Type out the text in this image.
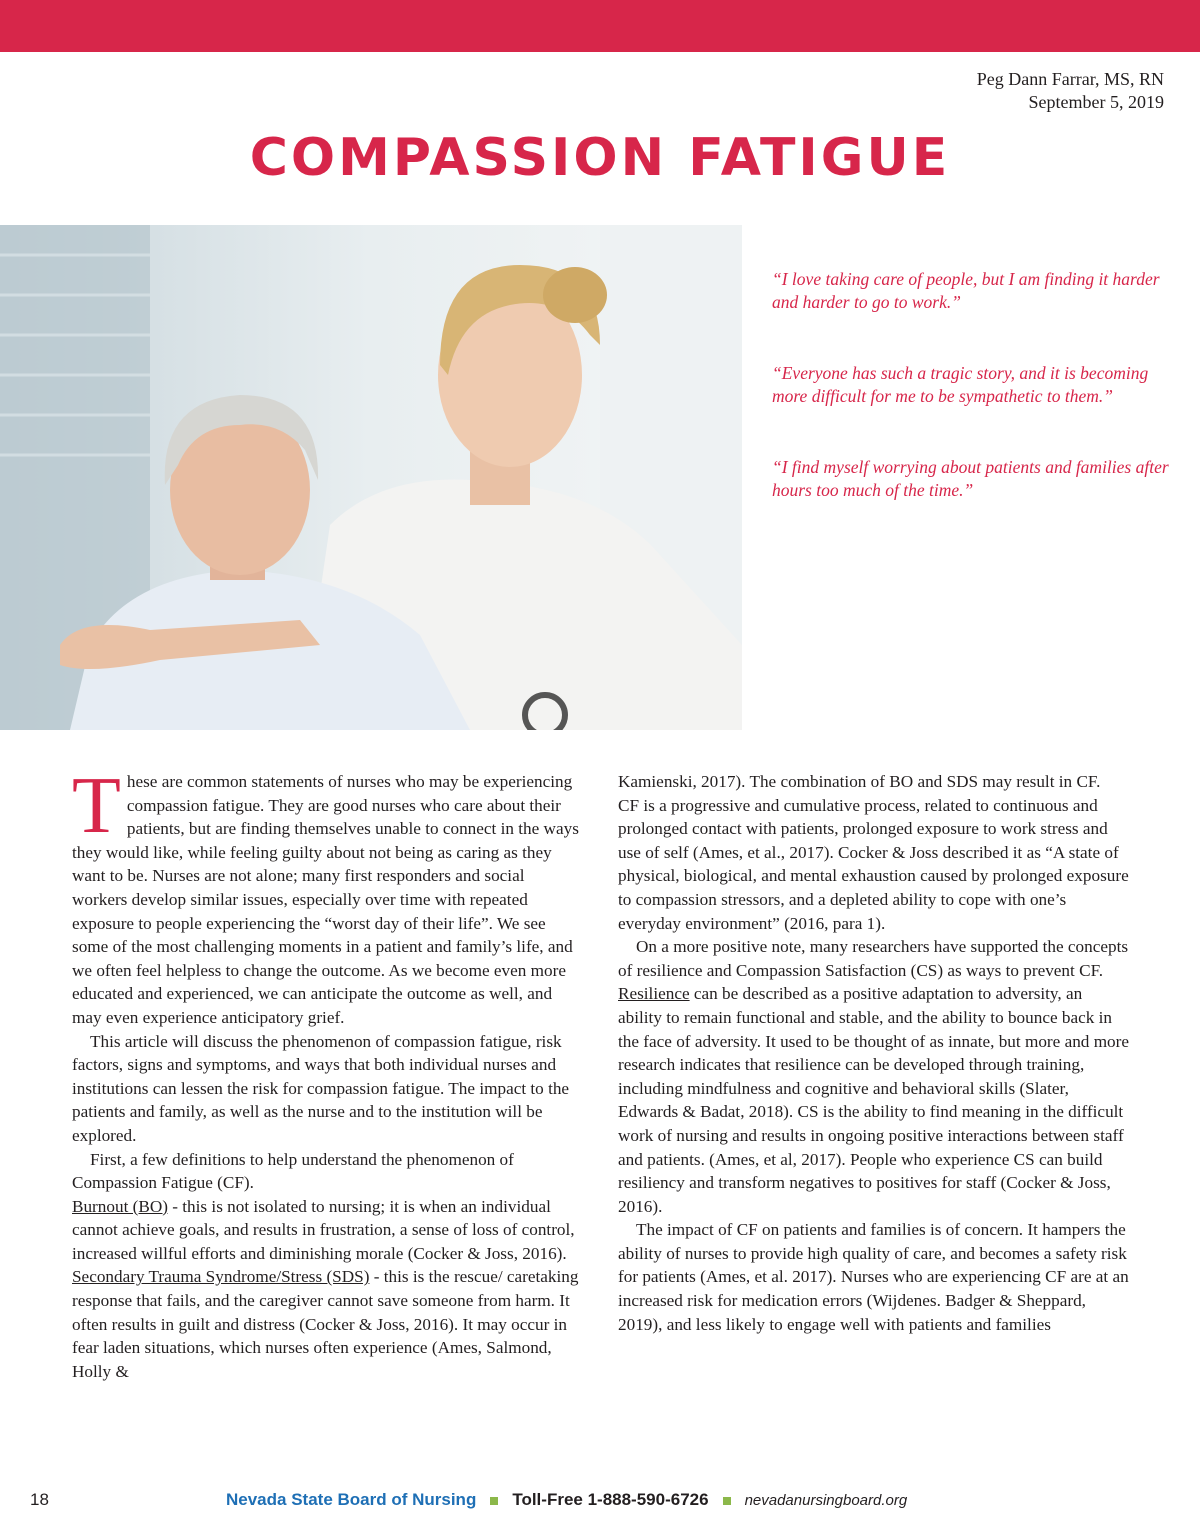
Peg Dann Farrar, MS, RN
September 5, 2019
COMPASSION FATIGUE

“I love taking care of people, but I am finding it harder and harder to go to work.”

“Everyone has such a tragic story, and it is becoming more difficult for me to be sympathetic to them.”

“I find myself worrying about patients and families after hours too much of the time.”

These are common statements of nurses who may be experiencing compassion fatigue. They are good nurses who care about their patients, but are finding themselves unable to connect in the ways they would like, while feeling guilty about not being as caring as they want to be. Nurses are not alone; many first responders and social workers develop similar issues, especially over time with repeated exposure to people experiencing the “worst day of their life”. We see some of the most challenging moments in a patient and family’s life, and we often feel helpless to change the outcome. As we become even more educated and experienced, we can anticipate the outcome as well, and may even experience anticipatory grief.

This article will discuss the phenomenon of compassion fatigue, risk factors, signs and symptoms, and ways that both individual nurses and institutions can lessen the risk for compassion fatigue. The impact to the patients and family, as well as the nurse and to the institution will be explored.

First, a few definitions to help understand the phenomenon of Compassion Fatigue (CF).

Burnout (BO) - this is not isolated to nursing; it is when an individual cannot achieve goals, and results in frustration, a sense of loss of control, increased willful efforts and diminishing morale (Cocker & Joss, 2016).

Secondary Trauma Syndrome/Stress (SDS) - this is the rescue/ caretaking response that fails, and the caregiver cannot save someone from harm. It often results in guilt and distress (Cocker & Joss, 2016). It may occur in fear laden situations, which nurses often experience (Ames, Salmond, Holly &

Kamienski, 2017). The combination of BO and SDS may result in CF.

CF is a progressive and cumulative process, related to continuous and prolonged contact with patients, prolonged exposure to work stress and use of self (Ames, et al., 2017). Cocker & Joss described it as “A state of physical, biological, and mental exhaustion caused by prolonged exposure to compassion stressors, and a depleted ability to cope with one’s everyday environment” (2016, para 1).

On a more positive note, many researchers have supported the concepts of resilience and Compassion Satisfaction (CS) as ways to prevent CF. Resilience can be described as a positive adaptation to adversity, an ability to remain functional and stable, and the ability to bounce back in the face of adversity. It used to be thought of as innate, but more and more research indicates that resilience can be developed through training, including mindfulness and cognitive and behavioral skills (Slater, Edwards & Badat, 2018). CS is the ability to find meaning in the difficult work of nursing and results in ongoing positive interactions between staff and patients. (Ames, et al, 2017). People who experience CS can build resiliency and transform negatives to positives for staff (Cocker & Joss, 2016).

The impact of CF on patients and families is of concern. It hampers the ability of nurses to provide high quality of care, and becomes a safety risk for patients (Ames, et al. 2017). Nurses who are experiencing CF are at an increased risk for medication errors (Wijdenes. Badger & Sheppard, 2019), and less likely to engage well with patients and families

18	Nevada State Board of Nursing Toll-Free 1-888-590-6726 nevadanursingboard.org
